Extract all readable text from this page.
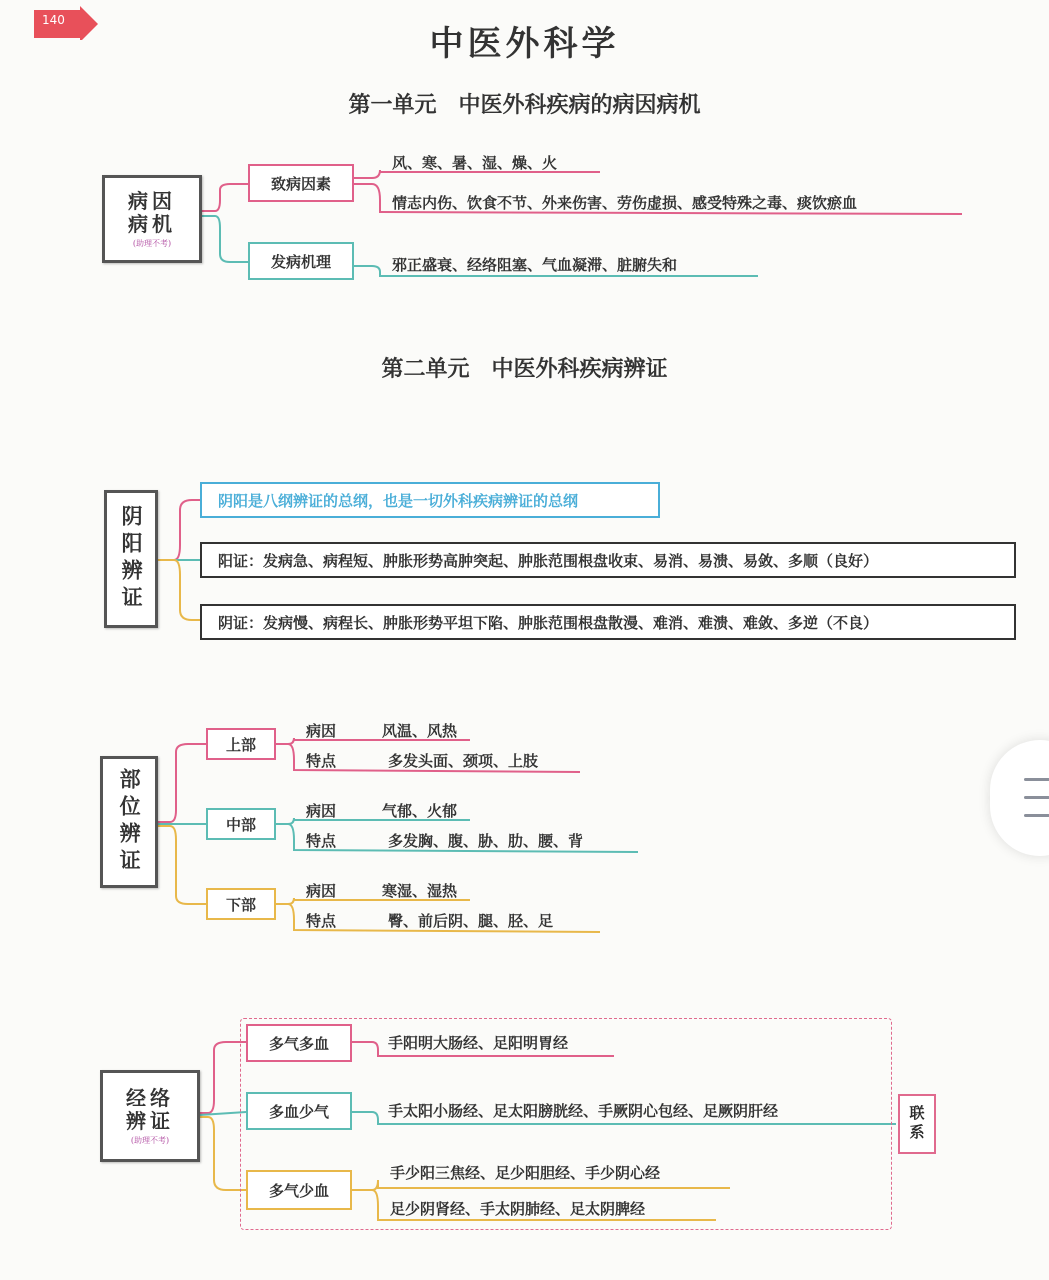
140
中医外科学
第一单元　中医外科疾病的病因病机
病因病机
(助理不考)
致病因素
发病机理
风、寒、暑、湿、燥、火
情志内伤、饮食不节、外来伤害、劳伤虚损、感受特殊之毒、痰饮瘀血
邪正盛衰、经络阻塞、气血凝滞、脏腑失和
第二单元　中医外科疾病辨证
阴阳辨证
阴阳是八纲辨证的总纲，也是一切外科疾病辨证的总纲
阳证：发病急、病程短、肿胀形势高肿突起、肿胀范围根盘收束、易消、易溃、易敛、多顺（良好）
阴证：发病慢、病程长、肿胀形势平坦下陷、肿胀范围根盘散漫、难消、难溃、难敛、多逆（不良）
部位辨证
上部
中部
下部
病因	风温、风热
特点	多发头面、颈项、上肢
病因	气郁、火郁
特点	多发胸、腹、胁、肋、腰、背
病因	寒湿、湿热
特点	臀、前后阴、腿、胫、足
经络辨证
(助理不考)
多气多血
多血少气
多气少血
手阳明大肠经、足阳明胃经
手太阳小肠经、足太阳膀胱经、手厥阴心包经、足厥阴肝经
手少阳三焦经、足少阳胆经、手少阴心经
足少阴肾经、手太阴肺经、足太阴脾经
联系
